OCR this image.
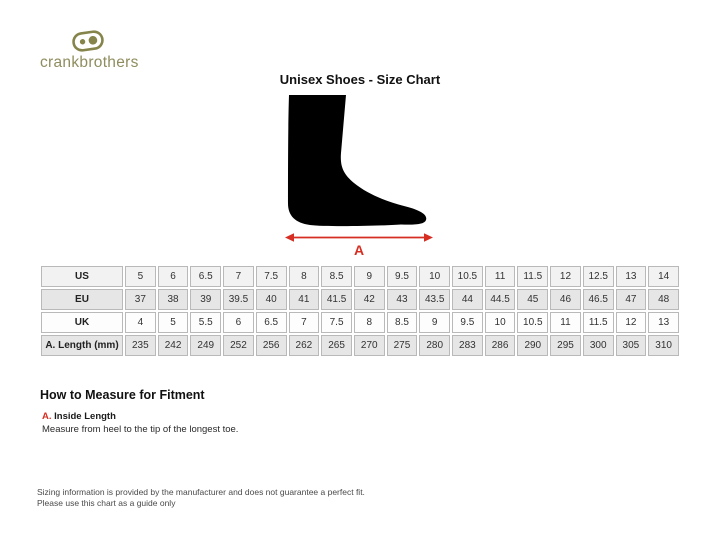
crankbrothers
Unisex Shoes - Size Chart
A
US	5	6	6.5	7	7.5	8	8.5	9	9.5	10	10.5	11	11.5	12	12.5	13	14
EU	37	38	39	39.5	40	41	41.5	42	43	43.5	44	44.5	45	46	46.5	47	48
UK	4	5	5.5	6	6.5	7	7.5	8	8.5	9	9.5	10	10.5	11	11.5	12	13
A. Length (mm)	235	242	249	252	256	262	265	270	275	280	283	286	290	295	300	305	310
How to Measure for Fitment

A. Inside Length

Measure from heel to the tip of the longest toe.

Sizing information is provided by the manufacturer and does not guarantee a perfect fit.
Please use this chart as a guide only
